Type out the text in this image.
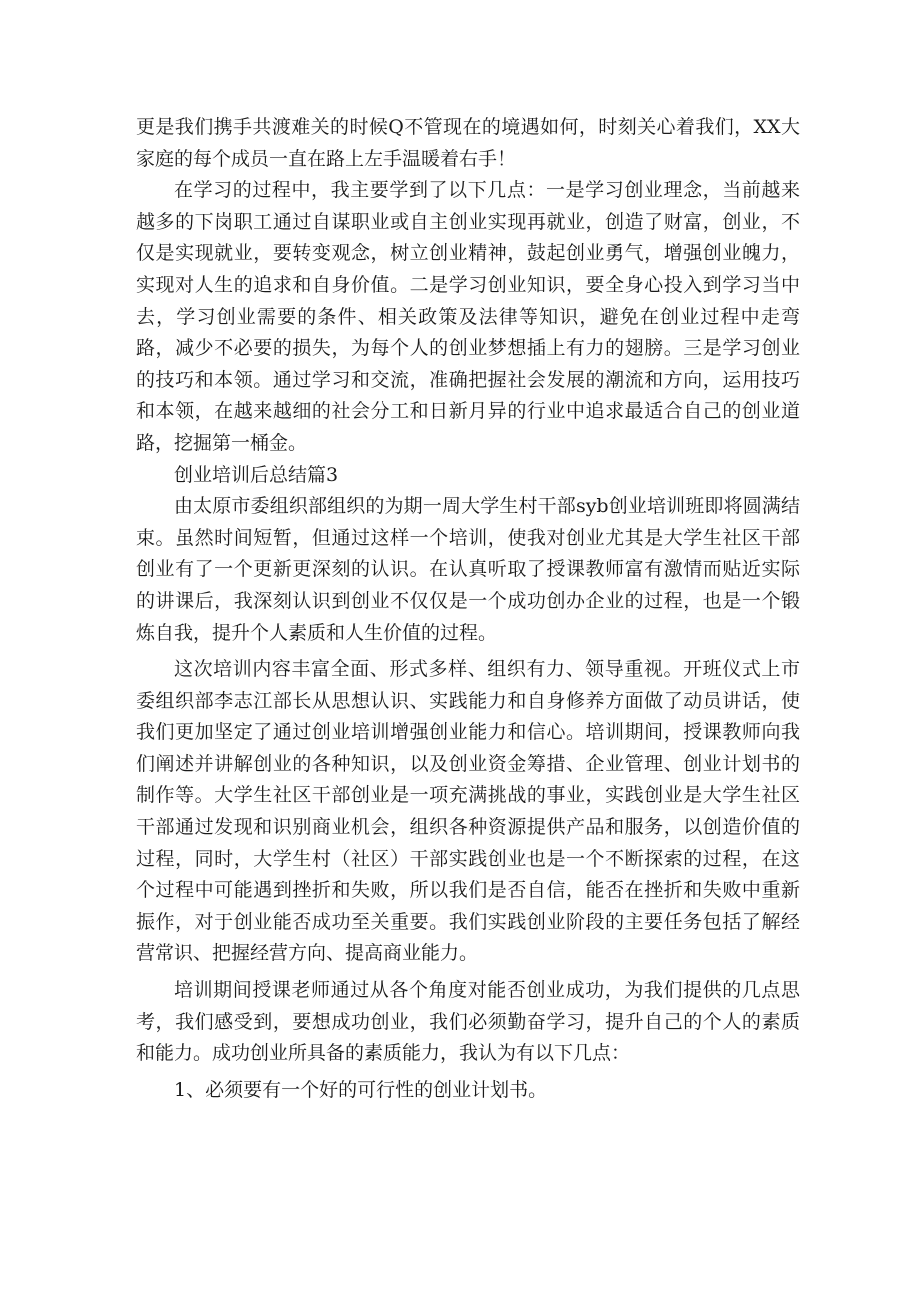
更是我们携手共渡难关的时候Q不管现在的境遇如何，时刻关心着我们，XX大家庭的每个成员一直在路上左手温暖着右手！

在学习的过程中，我主要学到了以下几点：一是学习创业理念，当前越来越多的下岗职工通过自谋职业或自主创业实现再就业，创造了财富，创业，不仅是实现就业，要转变观念，树立创业精神，鼓起创业勇气，增强创业魄力，实现对人生的追求和自身价值。二是学习创业知识，要全身心投入到学习当中去，学习创业需要的条件、相关政策及法律等知识，避免在创业过程中走弯路，减少不必要的损失，为每个人的创业梦想插上有力的翅膀。三是学习创业的技巧和本领。通过学习和交流，准确把握社会发展的潮流和方向，运用技巧和本领，在越来越细的社会分工和日新月异的行业中追求最适合自己的创业道路，挖掘第一桶金。

创业培训后总结篇3

由太原市委组织部组织的为期一周大学生村干部syb创业培训班即将圆满结束。虽然时间短暂，但通过这样一个培训，使我对创业尤其是大学生社区干部创业有了一个更新更深刻的认识。在认真听取了授课教师富有激情而贴近实际的讲课后，我深刻认识到创业不仅仅是一个成功创办企业的过程，也是一个锻炼自我，提升个人素质和人生价值的过程。

这次培训内容丰富全面、形式多样、组织有力、领导重视。开班仪式上市委组织部李志江部长从思想认识、实践能力和自身修养方面做了动员讲话，使我们更加坚定了通过创业培训增强创业能力和信心。培训期间，授课教师向我们阐述并讲解创业的各种知识，以及创业资金筹措、企业管理、创业计划书的制作等。大学生社区干部创业是一项充满挑战的事业，实践创业是大学生社区干部通过发现和识别商业机会，组织各种资源提供产品和服务，以创造价值的过程，同时，大学生村（社区）干部实践创业也是一个不断探索的过程，在这个过程中可能遇到挫折和失败，所以我们是否自信，能否在挫折和失败中重新振作，对于创业能否成功至关重要。我们实践创业阶段的主要任务包括了解经营常识、把握经营方向、提高商业能力。

培训期间授课老师通过从各个角度对能否创业成功，为我们提供的几点思考，我们感受到，要想成功创业，我们必须勤奋学习，提升自己的个人的素质和能力。成功创业所具备的素质能力，我认为有以下几点：

1、必须要有一个好的可行性的创业计划书。
